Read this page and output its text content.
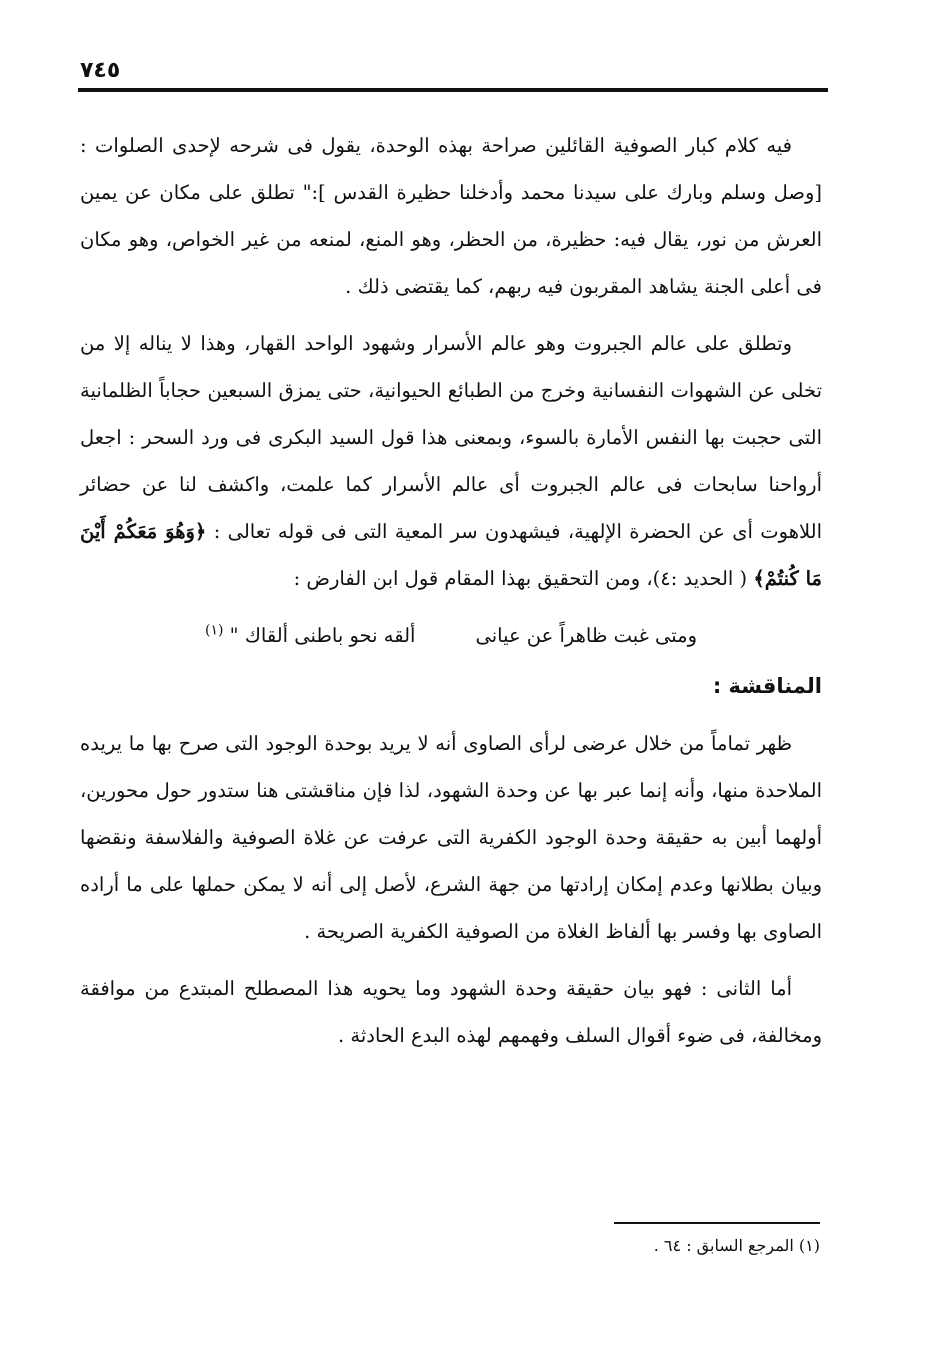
٧٤٥

فيه كلام كبار الصوفية القائلين صراحة بهذه الوحدة، يقول فى شرحه لإحدى الصلوات : [وصل وسلم وبارك على سيدنا محمد وأدخلنا حظيرة القدس ]:" تطلق على مكان عن يمين العرش من نور، يقال فيه: حظيرة، من الحظر، وهو المنع، لمنعه من غير الخواص، وهو مكان فى أعلى الجنة يشاهد المقربون فيه ربهم، كما يقتضى ذلك .

وتطلق على عالم الجبروت وهو عالم الأسرار وشهود الواحد القهار، وهذا لا يناله إلا من تخلى عن الشهوات النفسانية وخرج من الطبائع الحيوانية، حتى يمزق السبعين حجاباً الظلمانية التى حجبت بها النفس الأمارة بالسوء، وبمعنى هذا قول السيد البكرى فى ورد السحر : اجعل أرواحنا سابحات فى عالم الجبروت أى عالم الأسرار كما علمت، واكشف لنا عن حضائر اللاهوت أى عن الحضرة الإلهية، فيشهدون سر المعية التى فى قوله تعالى : ﴿وَهُوَ مَعَكُمْ أَيْنَ مَا كُنتُمْ﴾ ( الحديد :٤)، ومن التحقيق بهذا المقام قول ابن الفارض :

ومتى غبت ظاهراً عن عيانى
ألقه نحو باطنى ألقاك " $^{(١)}$
المناقشة :

ظهر تماماً من خلال عرضى لرأى الصاوى أنه لا يريد بوحدة الوجود التى صرح بها ما يريده الملاحدة منها، وأنه إنما عبر بها عن وحدة الشهود، لذا فإن مناقشتى هنا ستدور حول محورين، أولهما أبين به حقيقة وحدة الوجود الكفرية التى عرفت عن غلاة الصوفية والفلاسفة ونقضها وبيان بطلانها وعدم إمكان إرادتها من جهة الشرع، لأصل إلى أنه لا يمكن حملها على ما أراده الصاوى بها وفسر بها ألفاظ الغلاة من الصوفية الكفرية الصريحة .

أما الثانى : فهو بيان حقيقة وحدة الشهود وما يحويه هذا المصطلح المبتدع من موافقة ومخالفة، فى ضوء أقوال السلف وفهمهم لهذه البدع الحادثة .

(١) المرجع السابق : ٦٤ .
